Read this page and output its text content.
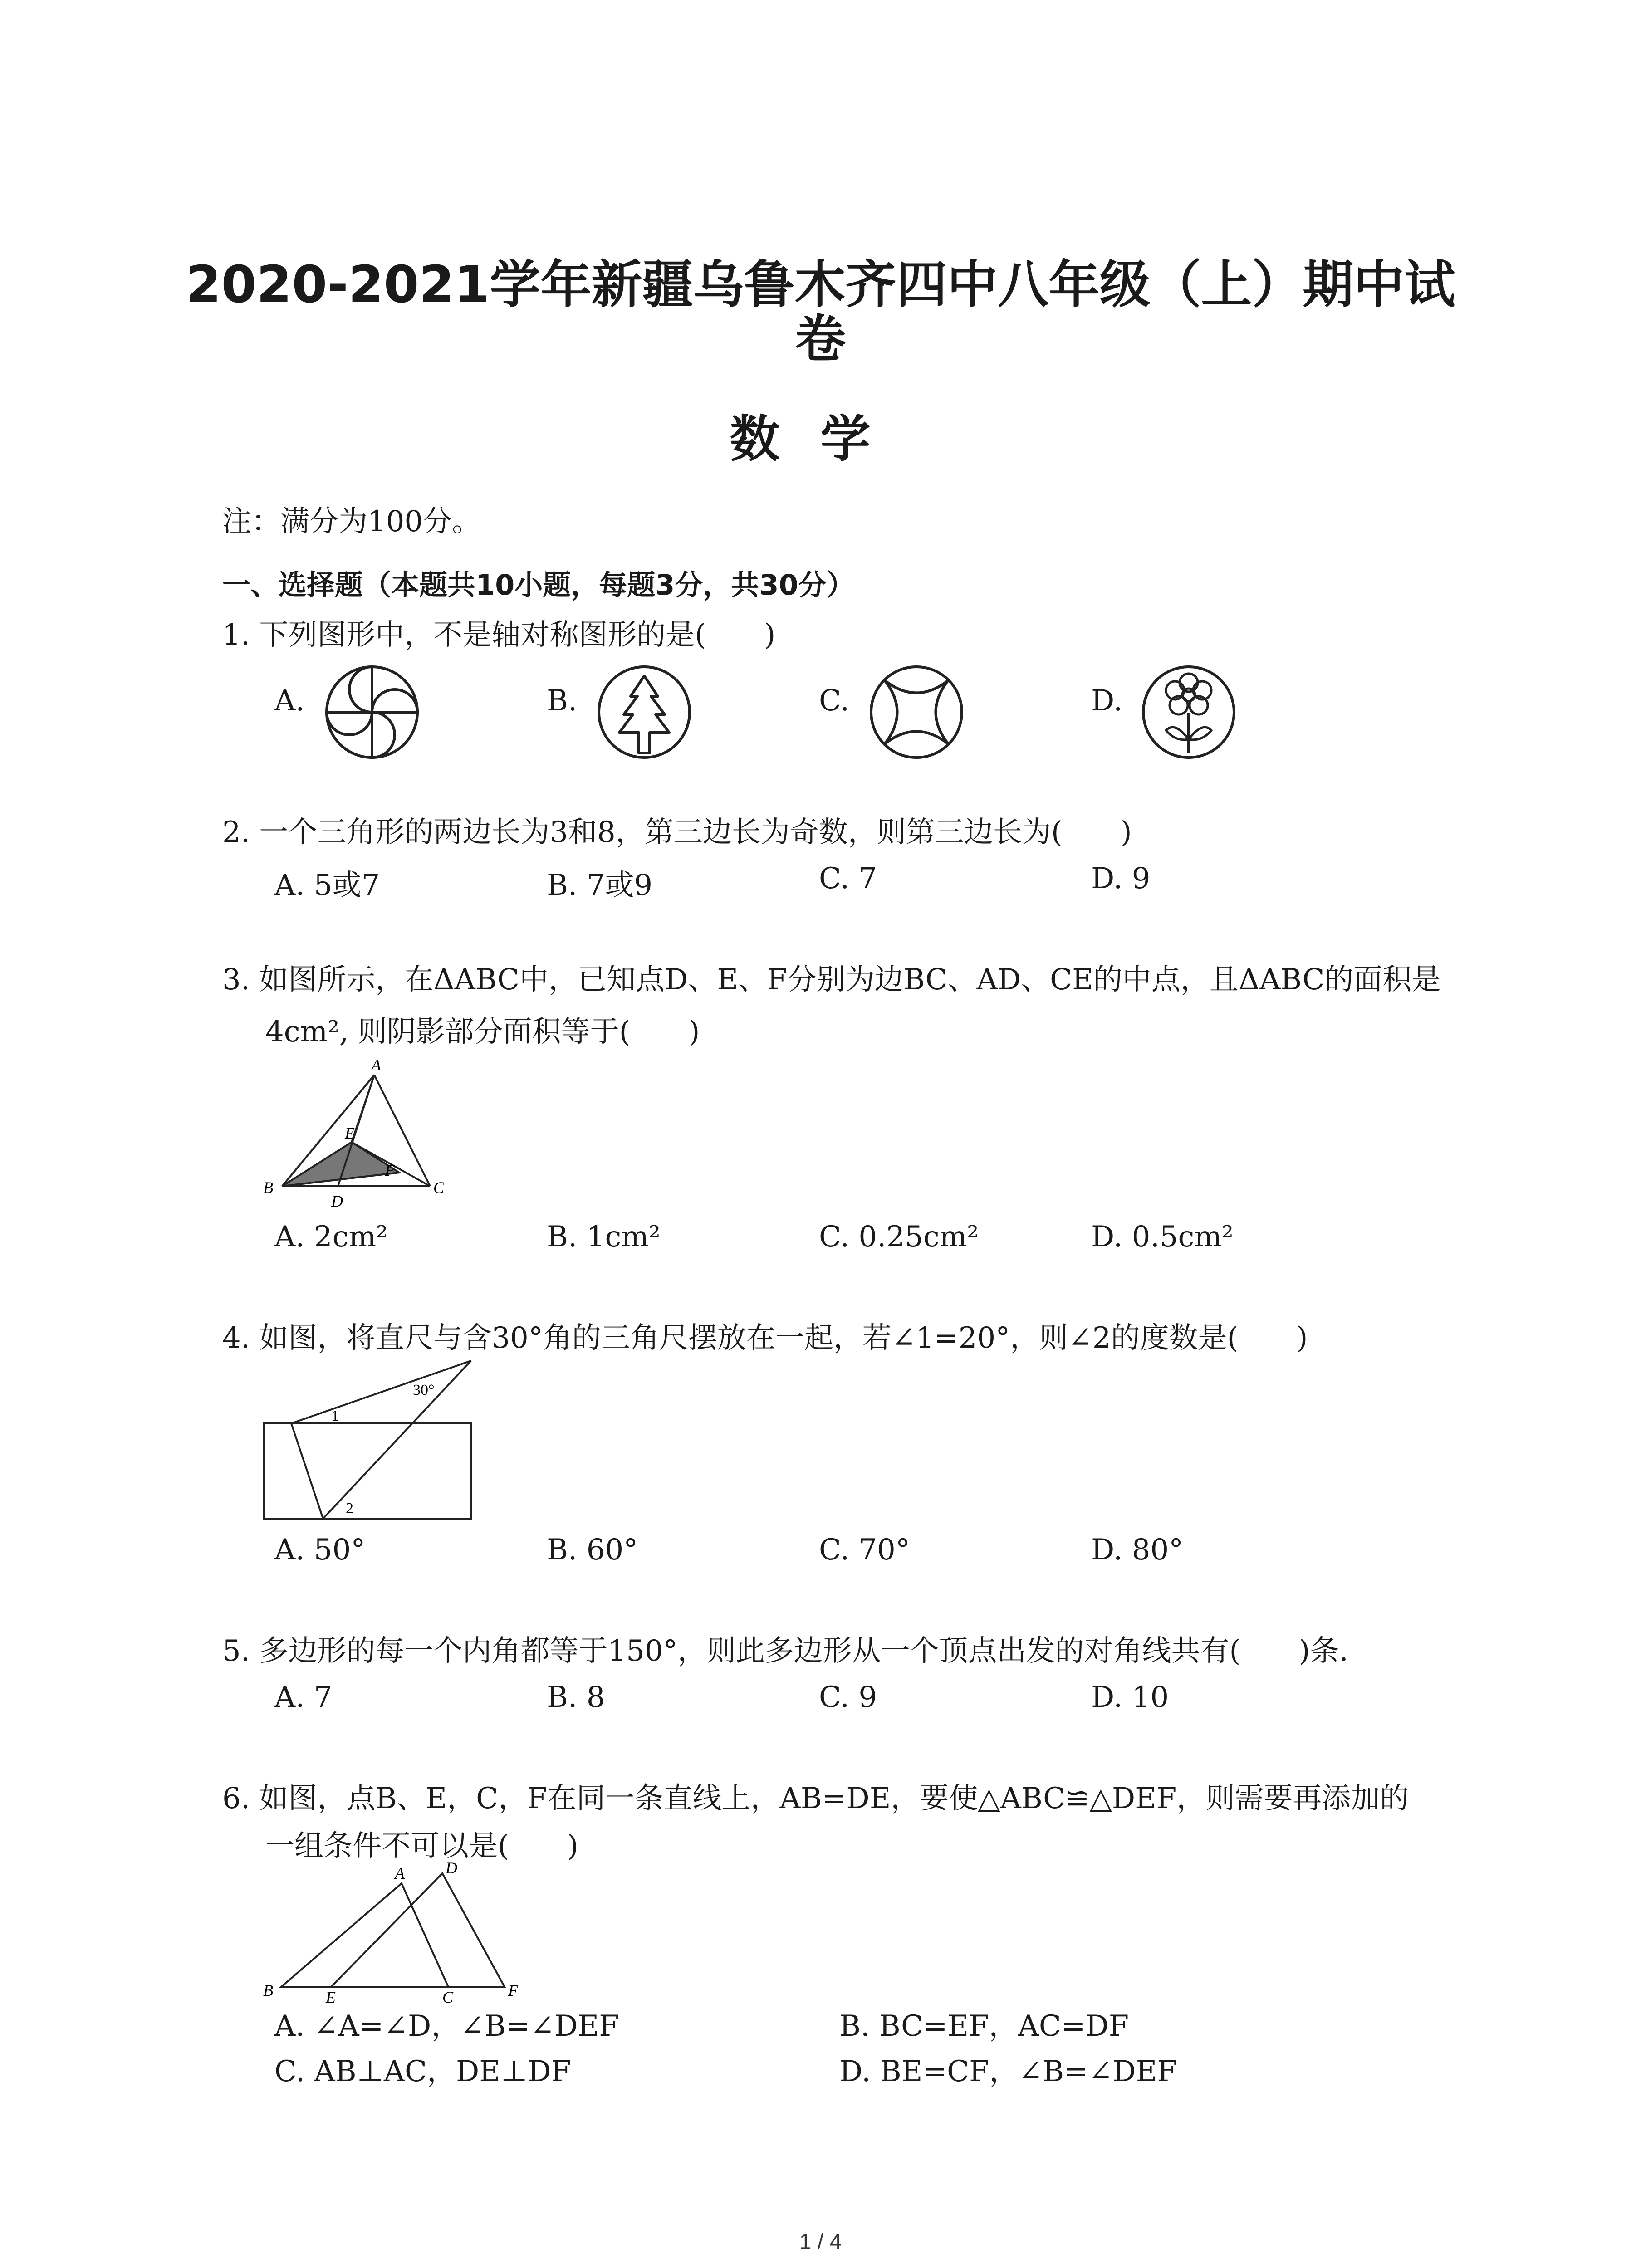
2020-2021学年新疆乌鲁木齐四中八年级（上）期中试
卷
数学
注：满分为100分。
一、选择题（本题共10小题，每题3分，共30分）
1. 下列图形中，不是轴对称图形的是(　　)
A.	B.	C.	D.
2. 一个三角形的两边长为3和8，第三边长为奇数，则第三边长为(　　)
A. 5或7	B. 7或9	C. 7	D. 9
3. 如图所示，在ΔABC中，已知点D、E、F分别为边BC、AD、CE的中点，且ΔABC的面积是
4cm², 则阴影部分面积等于(　　)
A
B	C
D
E
F
A. 2cm²	B. 1cm²	C. 0.25cm²	D. 0.5cm²
4. 如图，将直尺与含30°角的三角尺摆放在一起，若∠1=20°，则∠2的度数是(　　)
30°
1
2
A. 50°	B. 60°	C. 70°	D. 80°
5. 多边形的每一个内角都等于150°，则此多边形从一个顶点出发的对角线共有(　　)条.
A. 7	B. 8	C. 9	D. 10
6. 如图，点B、E，C，F在同一条直线上，AB=DE，要使△ABC≌△DEF，则需要再添加的
一组条件不可以是(　　)
A	D
B	E	C	F
A. ∠A=∠D，∠B=∠DEF	B. BC=EF，AC=DF
C. AB⊥AC，DE⊥DF	D. BE=CF，∠B=∠DEF
1 / 4
